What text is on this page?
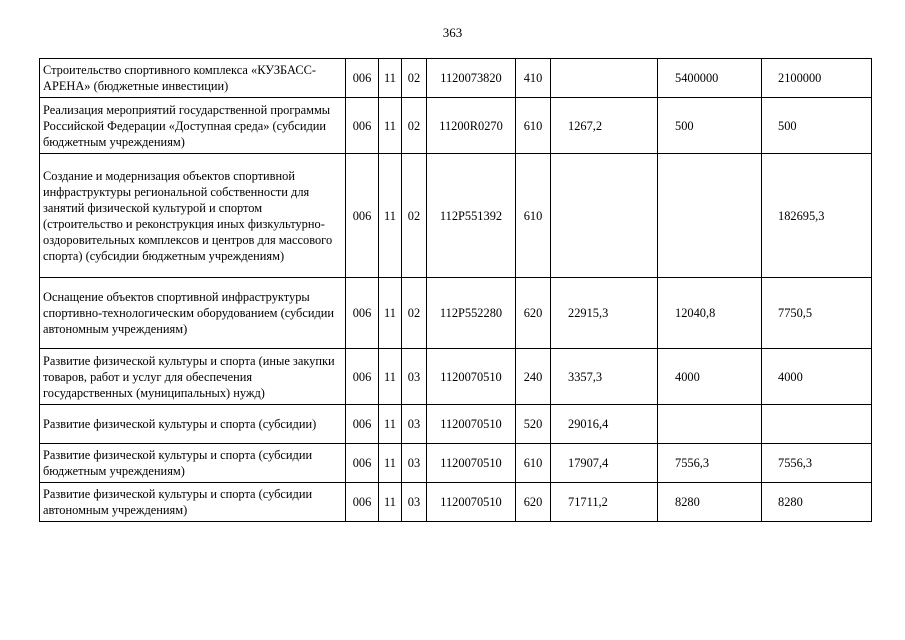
363
Строительство спортивного комплекса «КУЗБАСС-АРЕНА» (бюджетные инвестиции)	006	11	02	1120073820	410		5400000	2100000
Реализация мероприятий государственной программы Российской Федерации «Доступная среда» (субсидии бюджетным учреждениям)	006	11	02	11200R0270	610	1267,2	500	500
Создание и модернизация объектов спортивной инфраструктуры региональной собственности для занятий физической культурой и спортом (строительство и реконструкция иных физкультурно-оздоровительных комплексов и центров для массового спорта) (субсидии бюджетным учреждениям)	006	11	02	112P551392	610			182695,3
Оснащение объектов спортивной инфраструктуры спортивно-технологическим оборудованием (субсидии автономным учреждениям)	006	11	02	112P552280	620	22915,3	12040,8	7750,5
Развитие физической культуры и спорта (иные закупки товаров, работ и услуг для обеспечения государственных (муниципальных) нужд)	006	11	03	1120070510	240	3357,3	4000	4000
Развитие физической культуры и спорта (субсидии)	006	11	03	1120070510	520	29016,4		
Развитие физической культуры и спорта (субсидии бюджетным учреждениям)	006	11	03	1120070510	610	17907,4	7556,3	7556,3
Развитие физической культуры и спорта (субсидии автономным учреждениям)	006	11	03	1120070510	620	71711,2	8280	8280
